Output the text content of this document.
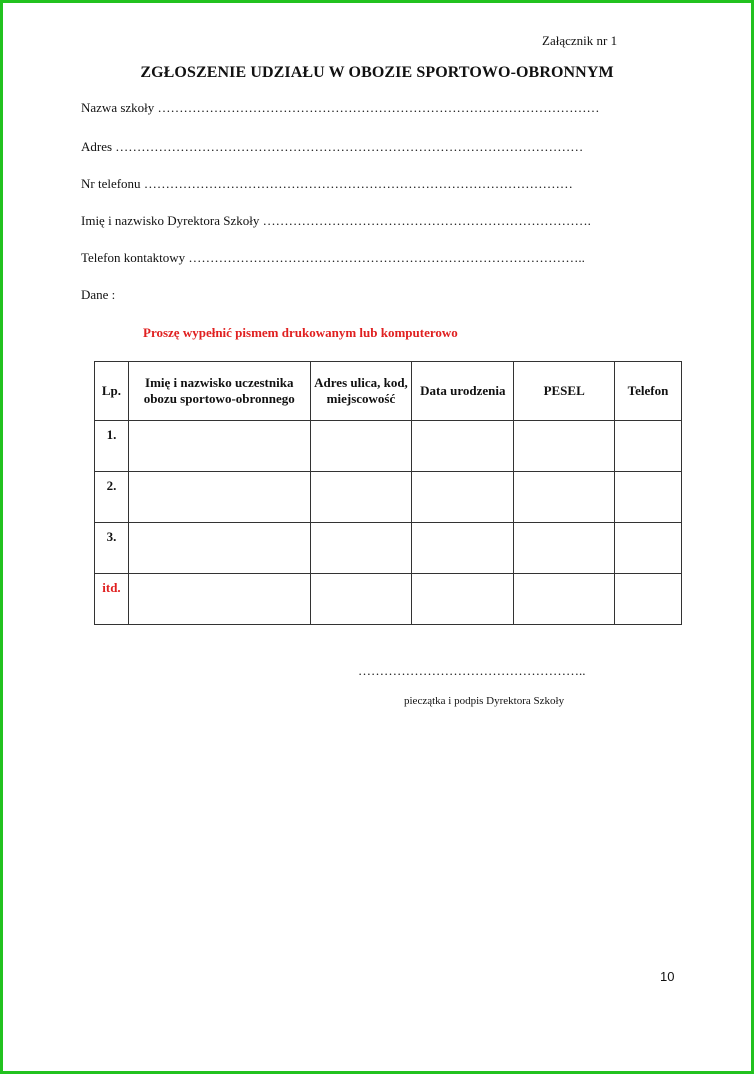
Załącznik nr 1
ZGŁOSZENIE UDZIAŁU W OBOZIE SPORTOWO-OBRONNYM
Nazwa szkoły …………………………………………………………………………………………
Adres ………………………………………………………………………………………………
Nr telefonu ………………………………………………………………………………………
Imię i nazwisko Dyrektora Szkoły ………………………………………………………………….
Telefon kontaktowy ………………………………………………………………………………..
Dane :
Proszę wypełnić pismem drukowanym lub komputerowo
Lp.	Imię i nazwisko uczestnika obozu sportowo-obronnego	Adres ulica, kod, miejscowość	Data urodzenia	PESEL	Telefon
1.					
2.					
3.					
itd.					
……………………………………………..
pieczątka i podpis Dyrektora Szkoły
10
